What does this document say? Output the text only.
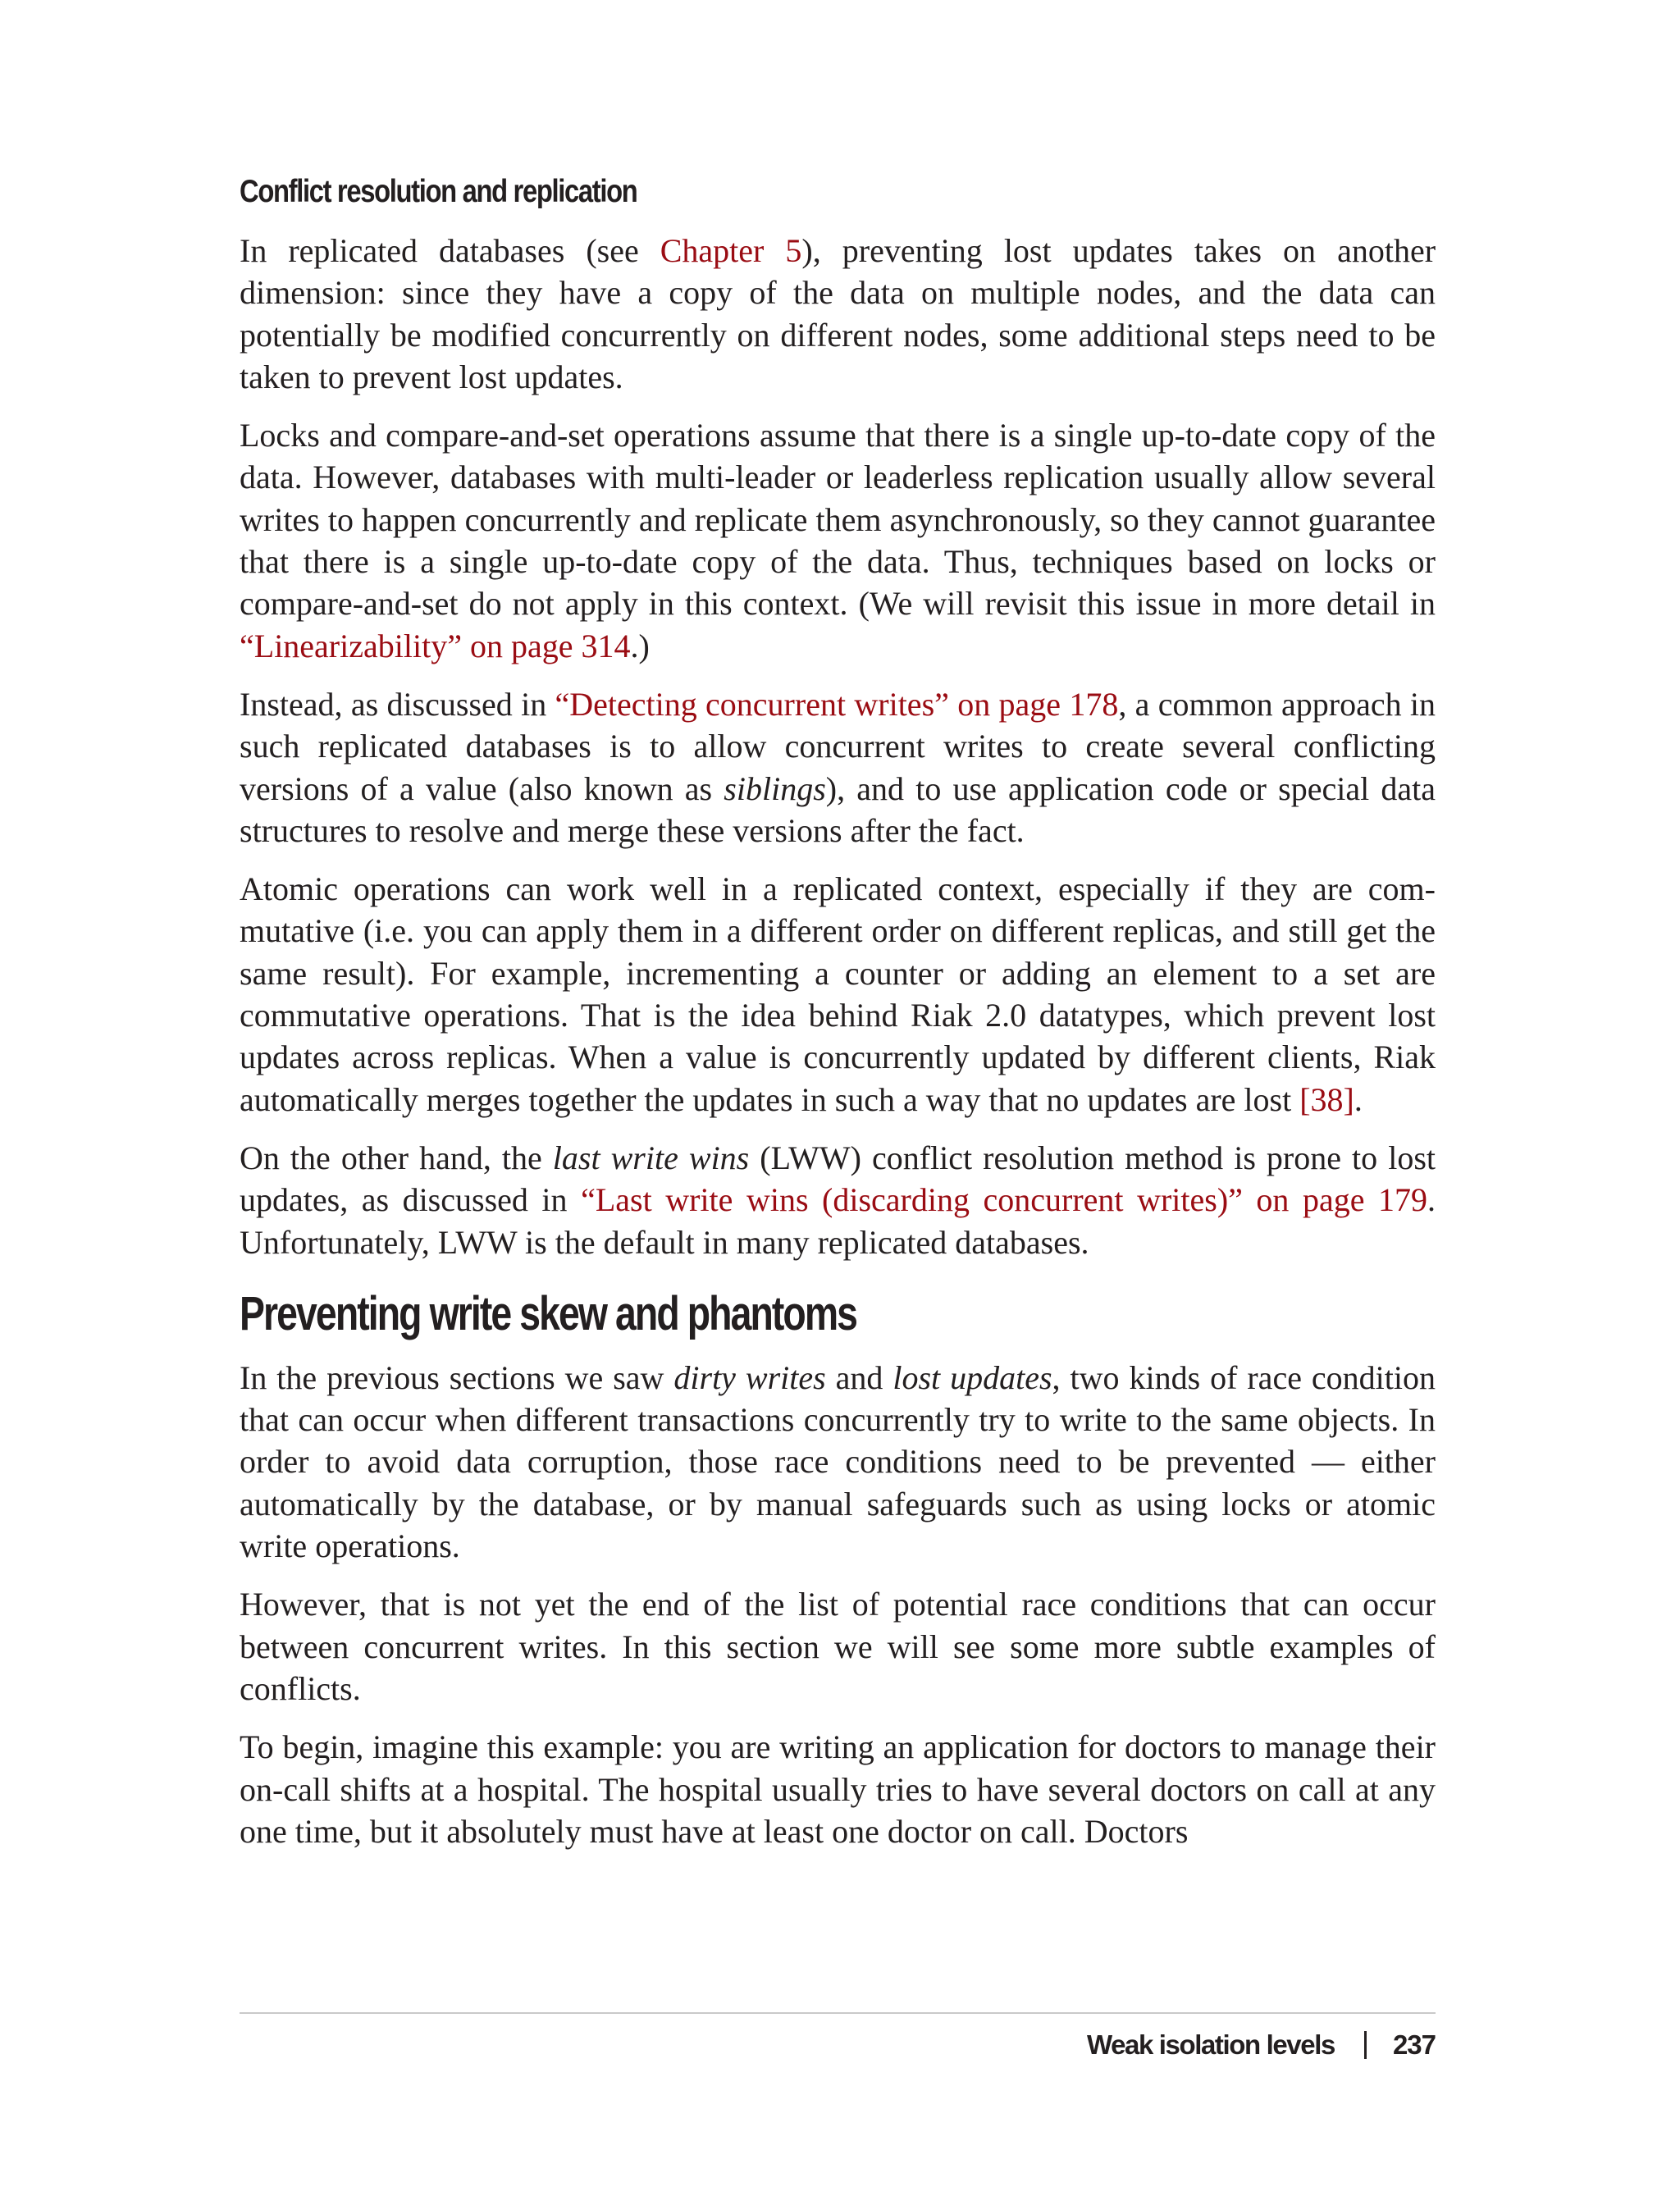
Conflict resolution and replication

In replicated databases (see Chapter 5), preventing lost updates takes on another dimension: since they have a copy of the data on multiple nodes, and the data can potentially be modified concurrently on different nodes, some additional steps need to be taken to prevent lost updates.

Locks and compare-and-set operations assume that there is a single up-to-date copy of the data. However, databases with multi-leader or leaderless replication usually allow several writes to happen concurrently and replicate them asynchronously, so they cannot guarantee that there is a single up-to-date copy of the data. Thus, techniques based on locks or compare-and-set do not apply in this context. (We will revisit this issue in more detail in “Linearizability” on page 314.)

Instead, as discussed in “Detecting concurrent writes” on page 178, a common approach in such replicated databases is to allow concurrent writes to create several conflicting versions of a value (also known as siblings), and to use application code or special data structures to resolve and merge these versions after the fact.

Atomic operations can work well in a replicated context, especially if they are commutative (i.e. you can apply them in a different order on different replicas, and still get the same result). For example, incrementing a counter or adding an element to a set are commutative operations. That is the idea behind Riak 2.0 datatypes, which prevent lost updates across replicas. When a value is concurrently updated by different clients, Riak automatically merges together the updates in such a way that no updates are lost [38].

On the other hand, the last write wins (LWW) conflict resolution method is prone to lost updates, as discussed in “Last write wins (discarding concurrent writes)” on page 179. Unfortunately, LWW is the default in many replicated databases.

Preventing write skew and phantoms

In the previous sections we saw dirty writes and lost updates, two kinds of race condition that can occur when different transactions concurrently try to write to the same objects. In order to avoid data corruption, those race conditions need to be prevented — either automatically by the database, or by manual safeguards such as using locks or atomic write operations.

However, that is not yet the end of the list of potential race conditions that can occur between concurrent writes. In this section we will see some more subtle examples of conflicts.

To begin, imagine this example: you are writing an application for doctors to manage their on-call shifts at a hospital. The hospital usually tries to have several doctors on call at any one time, but it absolutely must have at least one doctor on call. Doctors

Weak isolation levels 237
